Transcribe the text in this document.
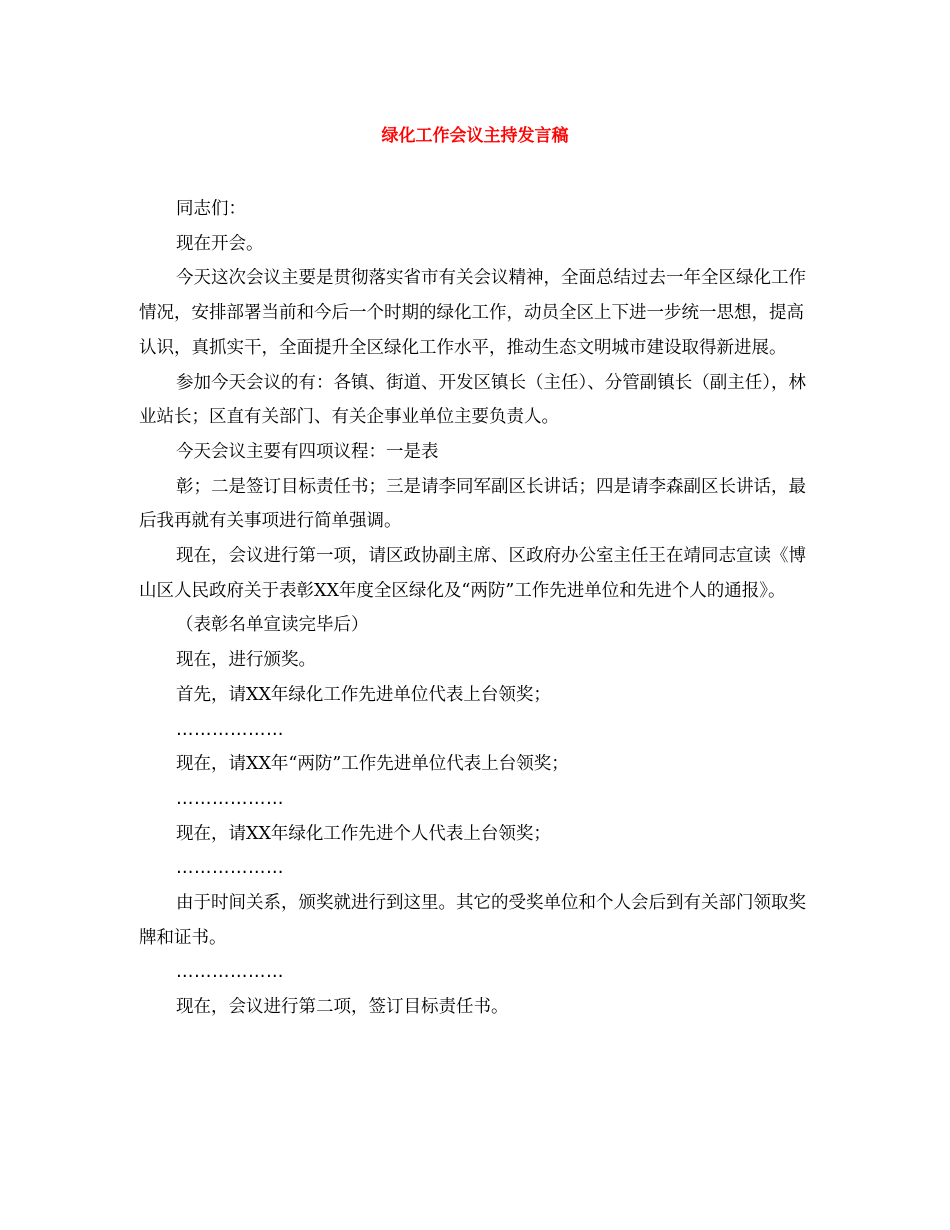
绿化工作会议主持发言稿

同志们：

现在开会。

今天这次会议主要是贯彻落实省市有关会议精神，全面总结过去一年全区绿化工作情况，安排部署当前和今后一个时期的绿化工作，动员全区上下进一步统一思想，提高认识，真抓实干，全面提升全区绿化工作水平，推动生态文明城市建设取得新进展。

参加今天会议的有：各镇、街道、开发区镇长（主任）、分管副镇长（副主任），林业站长；区直有关部门、有关企事业单位主要负责人。

今天会议主要有四项议程：一是表

彰；二是签订目标责任书；三是请李同军副区长讲话；四是请李森副区长讲话，最后我再就有关事项进行简单强调。

现在，会议进行第一项，请区政协副主席、区政府办公室主任王在靖同志宣读《博山区人民政府关于表彰XX年度全区绿化及“两防”工作先进单位和先进个人的通报》。

（表彰名单宣读完毕后）

现在，进行颁奖。

首先，请XX年绿化工作先进单位代表上台领奖；

………………

现在，请XX年“两防”工作先进单位代表上台领奖；

………………

现在，请XX年绿化工作先进个人代表上台领奖；

………………

由于时间关系，颁奖就进行到这里。其它的受奖单位和个人会后到有关部门领取奖牌和证书。

………………

现在，会议进行第二项，签订目标责任书。
